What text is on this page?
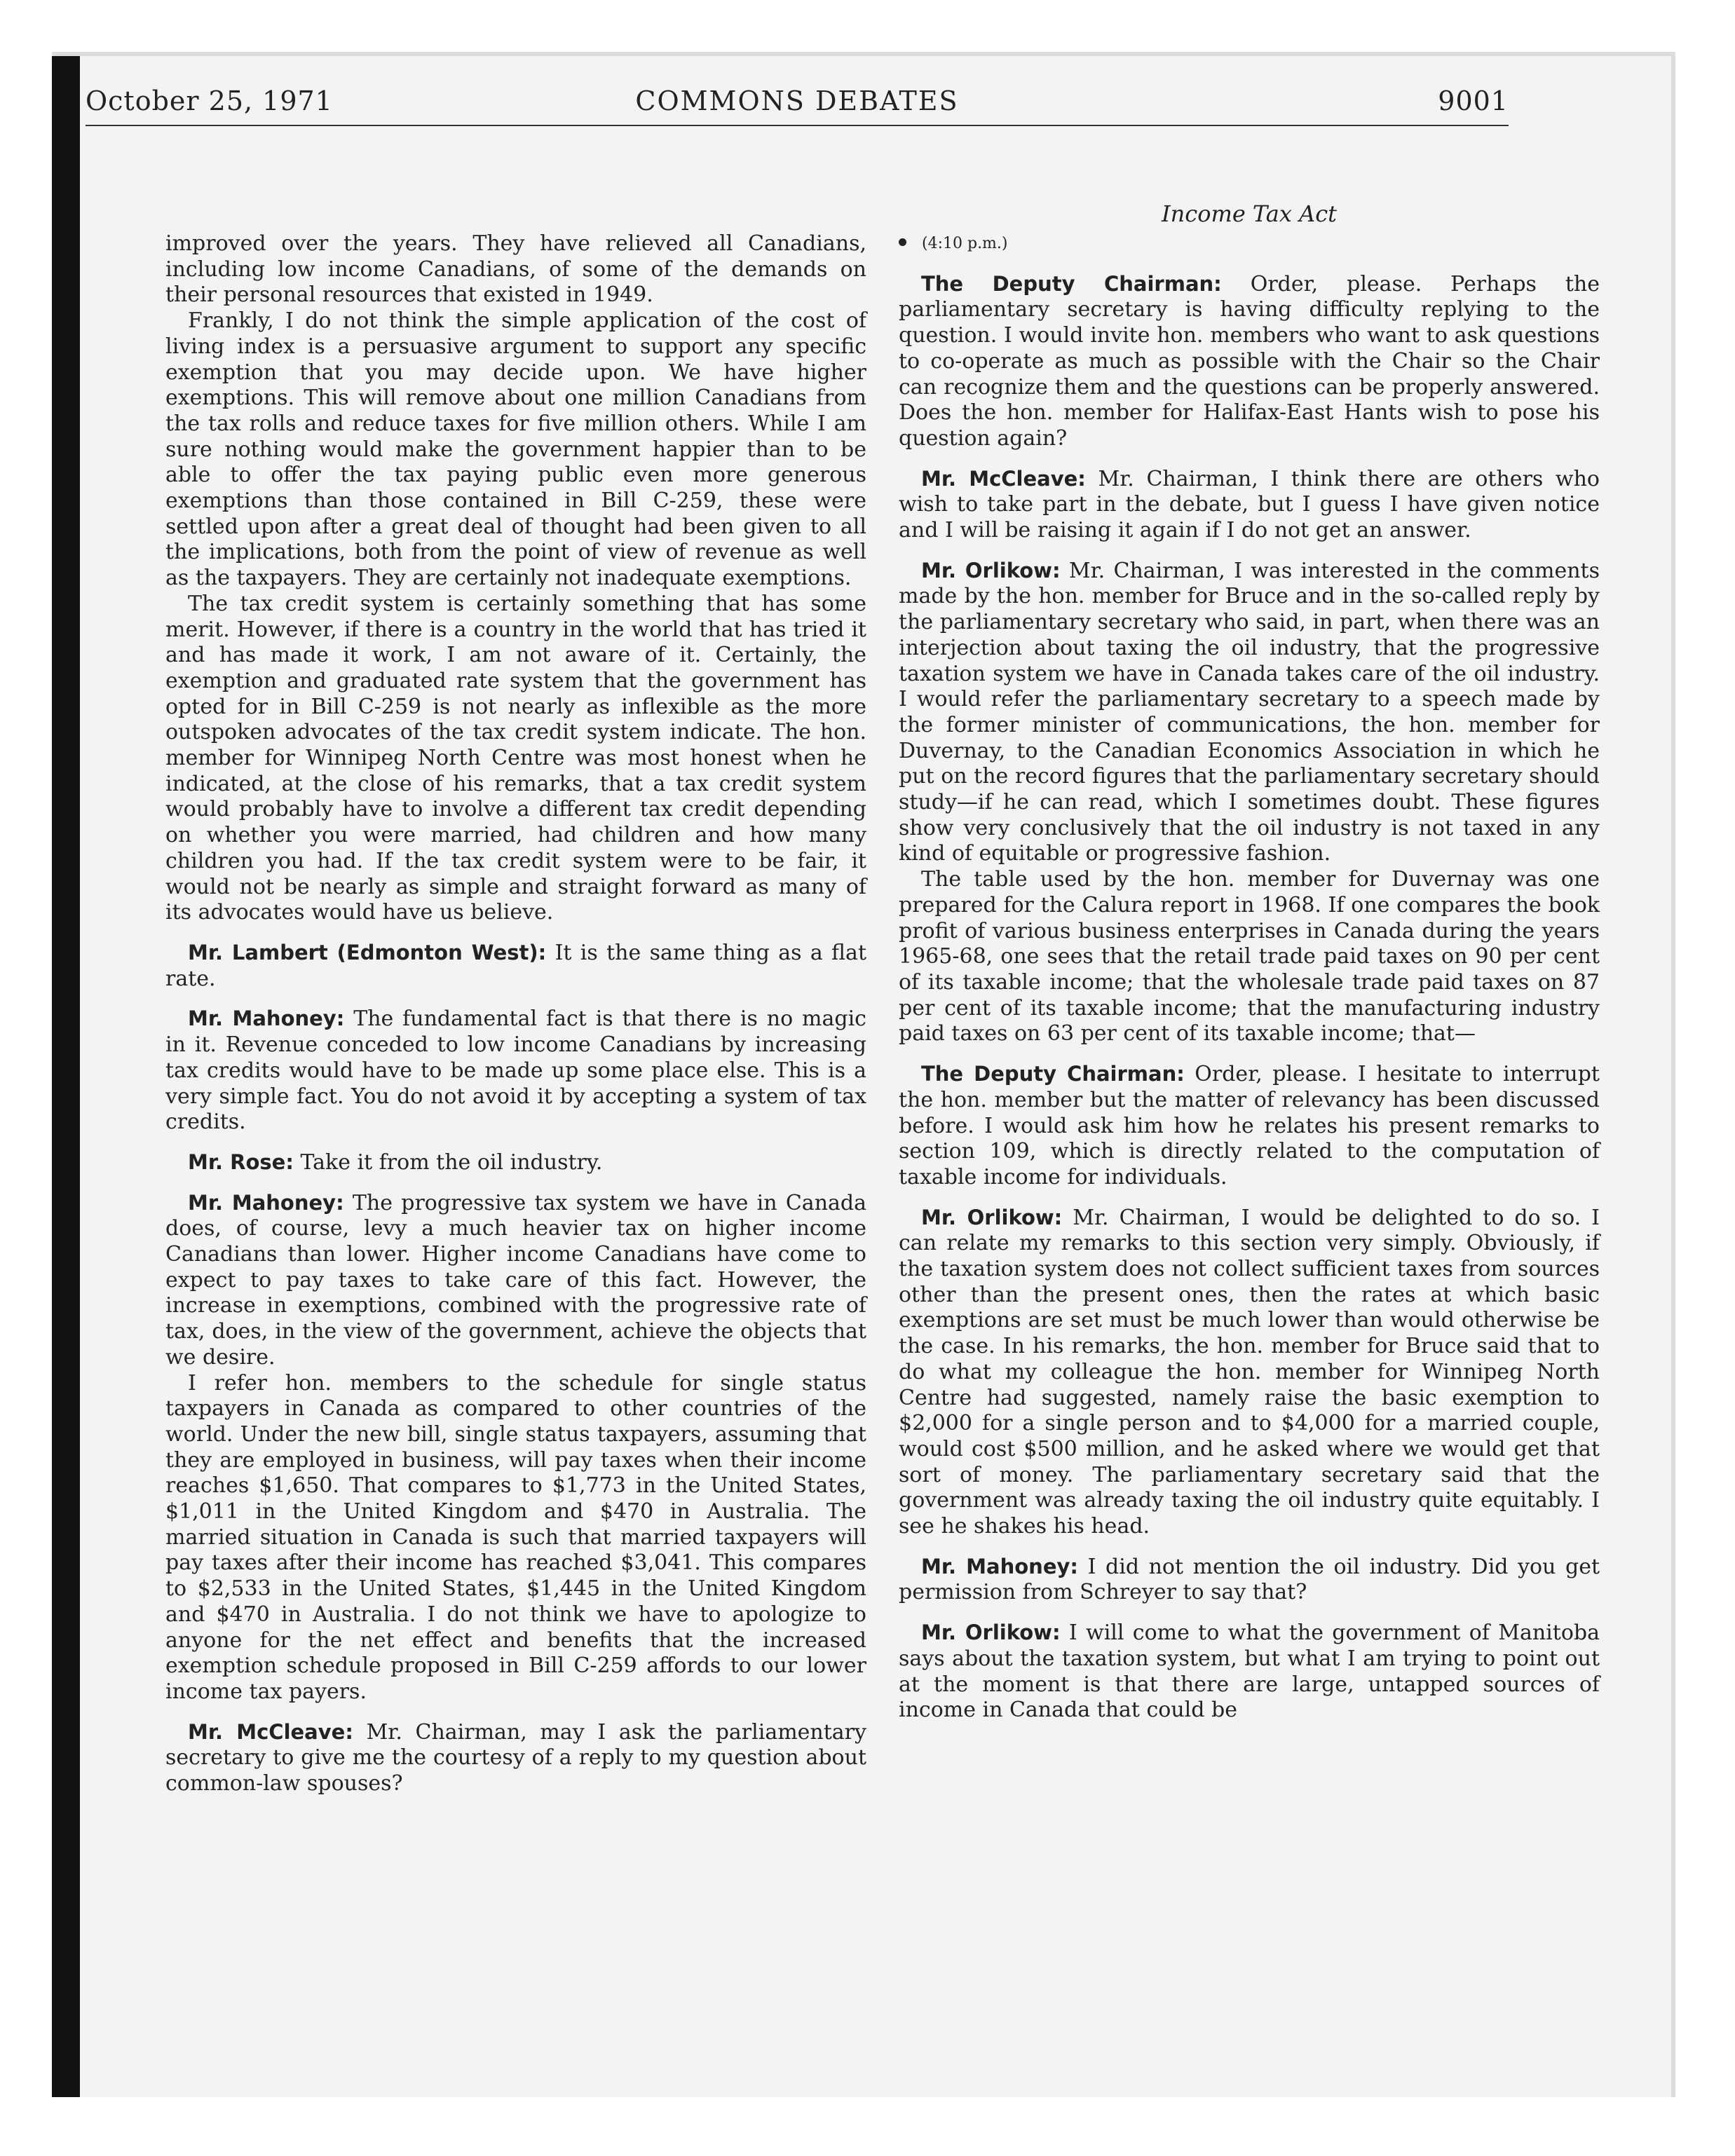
October 25, 1971	COMMONS DEBATES	9001
Income Tax Act

improved over the years. They have relieved all Canadians, including low income Canadians, of some of the demands on their personal resources that existed in 1949.

Frankly, I do not think the simple application of the cost of living index is a persuasive argument to support any specific exemption that you may decide upon. We have higher exemptions. This will remove about one million Canadians from the tax rolls and reduce taxes for five million others. While I am sure nothing would make the government happier than to be able to offer the tax paying public even more generous exemptions than those contained in Bill C-259, these were settled upon after a great deal of thought had been given to all the implications, both from the point of view of revenue as well as the taxpayers. They are certainly not inadequate exemptions.

The tax credit system is certainly something that has some merit. However, if there is a country in the world that has tried it and has made it work, I am not aware of it. Certainly, the exemption and graduated rate system that the government has opted for in Bill C-259 is not nearly as inflexible as the more outspoken advocates of the tax credit system indicate. The hon. member for Winnipeg North Centre was most honest when he indicated, at the close of his remarks, that a tax credit system would probably have to involve a different tax credit depending on whether you were married, had children and how many children you had. If the tax credit system were to be fair, it would not be nearly as simple and straight forward as many of its advocates would have us believe.

Mr. Lambert (Edmonton West): It is the same thing as a flat rate.

Mr. Mahoney: The fundamental fact is that there is no magic in it. Revenue conceded to low income Canadians by increasing tax credits would have to be made up some place else. This is a very simple fact. You do not avoid it by accepting a system of tax credits.

Mr. Rose: Take it from the oil industry.

Mr. Mahoney: The progressive tax system we have in Canada does, of course, levy a much heavier tax on higher income Canadians than lower. Higher income Canadians have come to expect to pay taxes to take care of this fact. However, the increase in exemptions, combined with the progressive rate of tax, does, in the view of the government, achieve the objects that we desire.

I refer hon. members to the schedule for single status taxpayers in Canada as compared to other countries of the world. Under the new bill, single status taxpayers, assuming that they are employed in business, will pay taxes when their income reaches $1,650. That compares to $1,773 in the United States, $1,011 in the United Kingdom and $470 in Australia. The married situation in Canada is such that married taxpayers will pay taxes after their income has reached $3,041. This compares to $2,533 in the United States, $1,445 in the United Kingdom and $470 in Australia. I do not think we have to apologize to anyone for the net effect and benefits that the increased exemption schedule proposed in Bill C-259 affords to our lower income tax payers.

Mr. McCleave: Mr. Chairman, may I ask the parliamentary secretary to give me the courtesy of a reply to my question about common-law spouses?

(4:10 p.m.)

The Deputy Chairman: Order, please. Perhaps the parliamentary secretary is having difficulty replying to the question. I would invite hon. members who want to ask questions to co-operate as much as possible with the Chair so the Chair can recognize them and the questions can be properly answered. Does the hon. member for Halifax-East Hants wish to pose his question again?

Mr. McCleave: Mr. Chairman, I think there are others who wish to take part in the debate, but I guess I have given notice and I will be raising it again if I do not get an answer.

Mr. Orlikow: Mr. Chairman, I was interested in the comments made by the hon. member for Bruce and in the so-called reply by the parliamentary secretary who said, in part, when there was an interjection about taxing the oil industry, that the progressive taxation system we have in Canada takes care of the oil industry. I would refer the parliamentary secretary to a speech made by the former minister of communications, the hon. member for Duvernay, to the Canadian Economics Association in which he put on the record figures that the parliamentary secretary should study—if he can read, which I sometimes doubt. These figures show very conclusively that the oil industry is not taxed in any kind of equitable or progressive fashion.

The table used by the hon. member for Duvernay was one prepared for the Calura report in 1968. If one compares the book profit of various business enterprises in Canada during the years 1965-68, one sees that the retail trade paid taxes on 90 per cent of its taxable income; that the wholesale trade paid taxes on 87 per cent of its taxable income; that the manufacturing industry paid taxes on 63 per cent of its taxable income; that—

The Deputy Chairman: Order, please. I hesitate to interrupt the hon. member but the matter of relevancy has been discussed before. I would ask him how he relates his present remarks to section 109, which is directly related to the computation of taxable income for individuals.

Mr. Orlikow: Mr. Chairman, I would be delighted to do so. I can relate my remarks to this section very simply. Obviously, if the taxation system does not collect sufficient taxes from sources other than the present ones, then the rates at which basic exemptions are set must be much lower than would otherwise be the case. In his remarks, the hon. member for Bruce said that to do what my colleague the hon. member for Winnipeg North Centre had suggested, namely raise the basic exemption to $2,000 for a single person and to $4,000 for a married couple, would cost $500 million, and he asked where we would get that sort of money. The parliamentary secretary said that the government was already taxing the oil industry quite equitably. I see he shakes his head.

Mr. Mahoney: I did not mention the oil industry. Did you get permission from Schreyer to say that?

Mr. Orlikow: I will come to what the government of Manitoba says about the taxation system, but what I am trying to point out at the moment is that there are large, untapped sources of income in Canada that could be
